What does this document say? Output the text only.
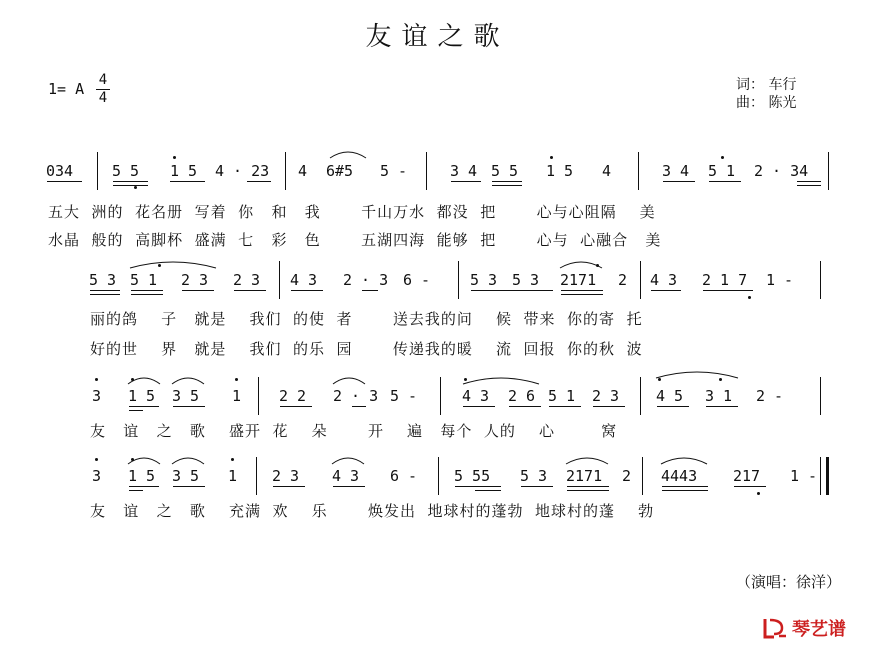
友谊之歌
1= A 4
4
词： 车行
曲： 陈光
034	5 5 1 5 4 · 23 4 6#5 5 -	3 4 5 5 1 5 4	3 4 5 1 2 · 34
五大  洲的  花名册  写着  你   和   我       千山万水  都没  把       心与心阻隔    美
水晶  般的  高脚杯  盛满  七   彩   色       五湖四海  能够  把       心与  心融合   美
5 3 5 1 2 3 2 3 4 3 2 · 3 6 -	5 3 5 3 2171 2 4 3 2 1 7 1 -
丽的鸽    子   就是    我们  的使  者       送去我的问    候  带来  你的寄  托
好的世    界   就是    我们  的乐  园       传递我的暖    流  回报  你的秋  波
3 1 5 3 5 1	2 2 2 · 3 5 -	4 3 2 6 5 1 2 3 4 5 3 1 2 -
友   谊   之   歌    盛开  花    朵       开    遍   每个  人的    心        窝
3 1 5 3 5 1 2 3 4 3 6 - 5 55 5 3 2171 2 4443 217 1 -
友   谊   之   歌    充满  欢    乐       焕发出  地球村的蓬勃  地球村的蓬    勃
（演唱：徐洋）
琴艺谱
